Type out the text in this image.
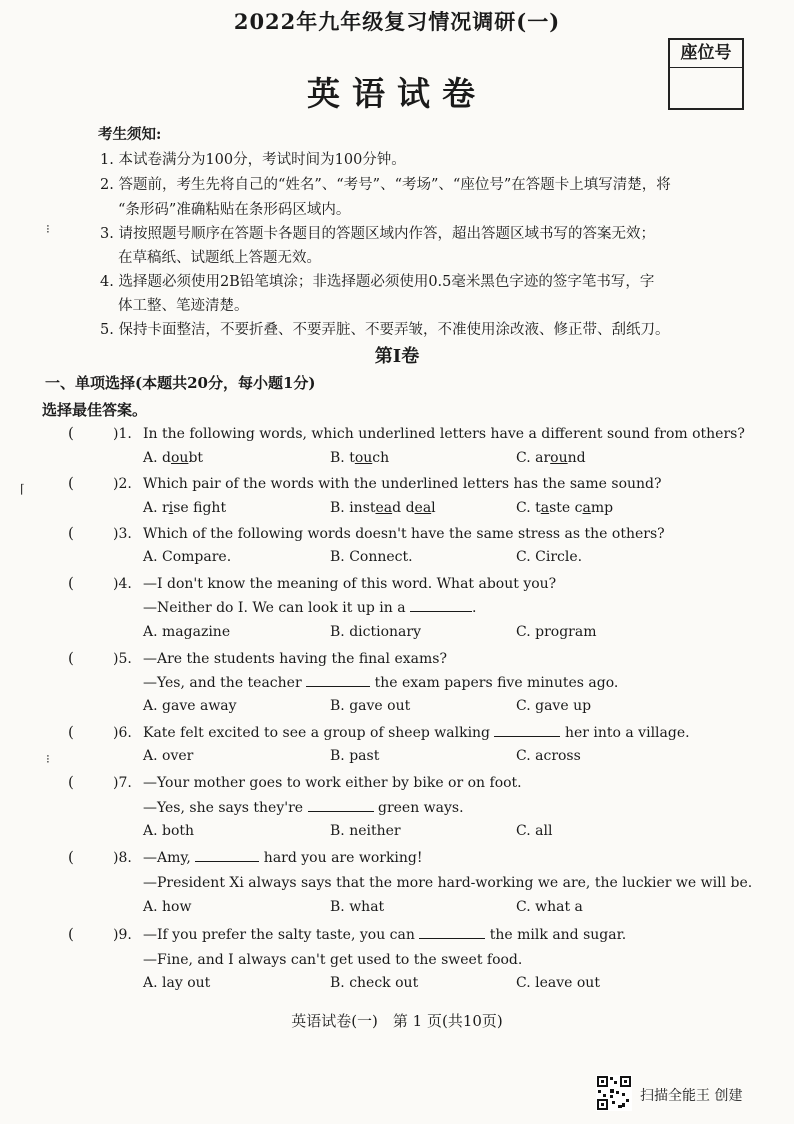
2022年九年级复习情况调研(一)
座位号
英语试卷
考生须知:
1. 本试卷满分为100分，考试时间为100分钟。
2. 答题前，考生先将自己的“姓名”、“考号”、“考场”、“座位号”在答题卡上填写清楚，将
“条形码”准确粘贴在条形码区域内。
3. 请按照题号顺序在答题卡各题目的答题区域内作答，超出答题区域书写的答案无效；
在草稿纸、试题纸上答题无效。
4. 选择题必须使用2B铅笔填涂；非选择题必须使用0.5毫米黑色字迹的签字笔书写，字
体工整、笔迹清楚。
5. 保持卡面整洁，不要折叠、不要弄脏、不要弄皱，不准使用涂改液、修正带、刮纸刀。
第Ⅰ卷
一、单项选择(本题共20分，每小题1分)
选择最佳答案。
⁝
⌈
⁝
(	)1. In the following words, which underlined letters have a different sound from others?
A. doubt	B. touch	C. around
(	)2. Which pair of the words with the underlined letters has the same sound?
A. rise fght	B. instead deal	C. taste camp
(	)3. Which of the following words doesn't have the same stress as the others?
A. Compare.	B. Connect.	C. Circle.
(	)4. —I don't know the meaning of this word. What about you?
—Neither do I. We can look it up in a	.
A. magazine	B. dictionary	C. program
(	)5. —Are the students having the final exams?
—Yes, and the teacher	the exam papers five minutes ago.
A. gave away	B. gave out	C. gave up
(	)6. Kate felt excited to see a group of sheep walking	her into a village.
A. over	B. past	C. across
(	)7. —Your mother goes to work either by bike or on foot.
—Yes, she says they're	green ways.
A. both	B. neither	C. all
(	)8. —Amy,	hard you are working!
—President Xi always says that the more hard-working we are, the luckier we will be.
A. how	B. what	C. what a
(	)9. —If you prefer the salty taste, you can	the milk and sugar.
—Fine, and I always can't get used to the sweet food.
A. lay out	B. check out	C. leave out
英语试卷(一)　第 1 页(共10页)
扫描全能王 创建
